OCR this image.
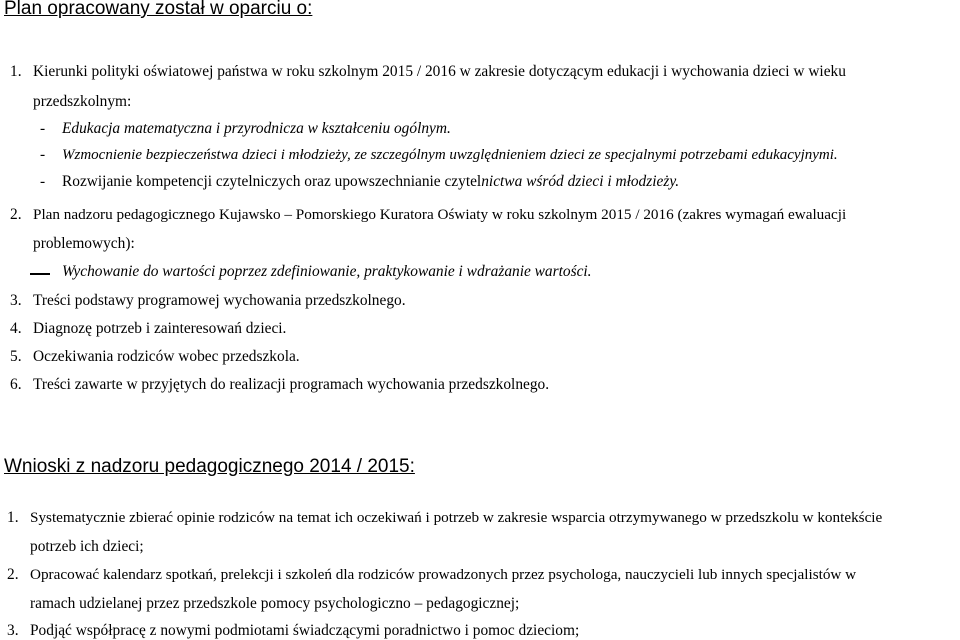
Plan opracowany został w oparciu o:
1. Kierunki polityki oświatowej państwa w roku szkolnym 2015 / 2016 w zakresie dotyczącym edukacji i wychowania dzieci w wieku
przedszkolnym:
- Edukacja matematyczna i przyrodnicza w kształceniu ogólnym.
- Wzmocnienie bezpieczeństwa dzieci i młodzieży, ze szczególnym uwzględnieniem dzieci ze specjalnymi potrzebami edukacyjnymi.
- Rozwijanie kompetencji czytelniczych oraz upowszechnianie czytelnictwa wśród dzieci i młodzieży.
2. Plan nadzoru pedagogicznego Kujawsko – Pomorskiego Kuratora Oświaty w roku szkolnym 2015 / 2016 (zakres wymagań ewaluacji
problemowych):
Wychowanie do wartości poprzez zdefiniowanie, praktykowanie i wdrażanie wartości.
3. Treści podstawy programowej wychowania przedszkolnego.
4. Diagnozę potrzeb i zainteresowań dzieci.
5. Oczekiwania rodziców wobec przedszkola.
6. Treści zawarte w przyjętych do realizacji programach wychowania przedszkolnego.
Wnioski z nadzoru pedagogicznego 2014 / 2015:
1. Systematycznie zbierać opinie rodziców na temat ich oczekiwań i potrzeb w zakresie wsparcia otrzymywanego w przedszkolu w kontekście
potrzeb ich dzieci;
2. Opracować kalendarz spotkań, prelekcji i szkoleń dla rodziców prowadzonych przez psychologa, nauczycieli lub innych specjalistów w
ramach udzielanej przez przedszkole pomocy psychologiczno – pedagogicznej;
3. Podjąć współpracę z nowymi podmiotami świadczącymi poradnictwo i pomoc dzieciom;
